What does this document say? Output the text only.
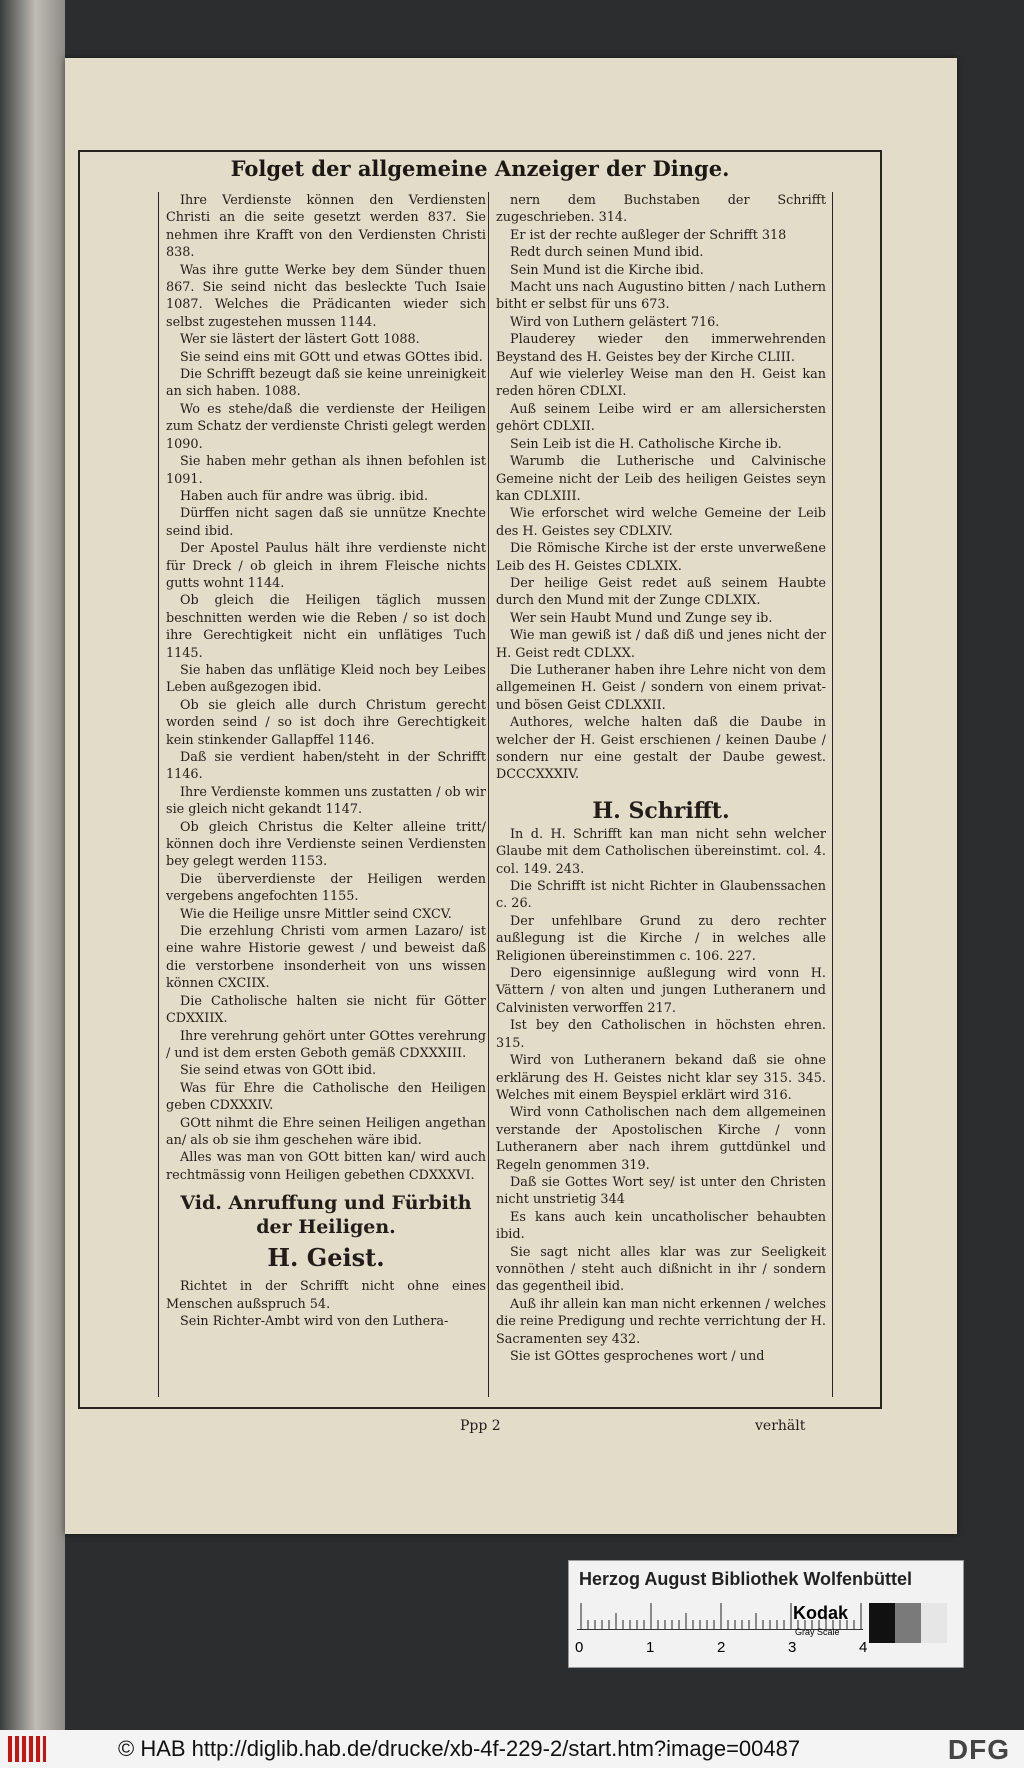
Folget der allgemeine Anzeiger der Dinge.

Ihre Verdienste können den Verdiensten Christi an die seite gesetzt werden 837. Sie nehmen ihre Krafft von den Verdiensten Christi 838.

Was ihre gutte Werke bey dem Sünder thuen 867. Sie seind nicht das besleckte Tuch Isaie 1087. Welches die Prädicanten wieder sich selbst zugestehen mussen 1144.

Wer sie lästert der lästert Gott 1088.

Sie seind eins mit GOtt und etwas GOttes ibid.

Die Schrifft bezeugt daß sie keine unreinigkeit an sich haben. 1088.

Wo es stehe/daß die verdienste der Heiligen zum Schatz der verdienste Christi gelegt werden 1090.

Sie haben mehr gethan als ihnen befohlen ist 1091.

Haben auch für andre was übrig. ibid.

Dürffen nicht sagen daß sie unnütze Knechte seind ibid.

Der Apostel Paulus hält ihre verdienste nicht für Dreck / ob gleich in ihrem Fleische nichts gutts wohnt 1144.

Ob gleich die Heiligen täglich mussen beschnitten werden wie die Reben / so ist doch ihre Gerechtigkeit nicht ein unflätiges Tuch 1145.

Sie haben das unflätige Kleid noch bey Leibes Leben außgezogen ibid.

Ob sie gleich alle durch Christum gerecht worden seind / so ist doch ihre Gerechtigkeit kein stinkender Gallapffel 1146.

Daß sie verdient haben/steht in der Schrifft 1146.

Ihre Verdienste kommen uns zustatten / ob wir sie gleich nicht gekandt 1147.

Ob gleich Christus die Kelter alleine tritt/ können doch ihre Verdienste seinen Verdiensten bey gelegt werden 1153.

Die überverdienste der Heiligen werden vergebens angefochten 1155.

Wie die Heilige unsre Mittler seind CXCV.

Die erzehlung Christi vom armen Lazaro/ ist eine wahre Historie gewest / und beweist daß die verstorbene insonderheit von uns wissen können CXCIIX.

Die Catholische halten sie nicht für Götter CDXXIIX.

Ihre verehrung gehört unter GOttes verehrung / und ist dem ersten Geboth gemäß CDXXXIII.

Sie seind etwas von GOtt ibid.

Was für Ehre die Catholische den Heiligen geben CDXXXIV.

GOtt nihmt die Ehre seinen Heiligen angethan an/ als ob sie ihm geschehen wäre ibid.

Alles was man von GOtt bitten kan/ wird auch rechtmässig vonn Heiligen gebethen CDXXXVI.

Vid. Anruffung und Fürbith
der Heiligen.
H. Geist.

Richtet in der Schrifft nicht ohne eines Menschen außspruch 54.

Sein Richter-Ambt wird von den Luthera-

nern dem Buchstaben der Schrifft zugeschrieben. 314.

Er ist der rechte außleger der Schrifft 318

Redt durch seinen Mund ibid.

Sein Mund ist die Kirche ibid.

Macht uns nach Augustino bitten / nach Luthern bitht er selbst für uns 673.

Wird von Luthern gelästert 716.

Plauderey wieder den immerwehrenden Beystand des H. Geistes bey der Kirche CLIII.

Auf wie vielerley Weise man den H. Geist kan reden hören CDLXI.

Auß seinem Leibe wird er am allersichersten gehört CDLXII.

Sein Leib ist die H. Catholische Kirche ib.

Warumb die Lutherische und Calvinische Gemeine nicht der Leib des heiligen Geistes seyn kan CDLXIII.

Wie erforschet wird welche Gemeine der Leib des H. Geistes sey CDLXIV.

Die Römische Kirche ist der erste unverweßene Leib des H. Geistes CDLXIX.

Der heilige Geist redet auß seinem Haubte durch den Mund mit der Zunge CDLXIX.

Wer sein Haubt Mund und Zunge sey ib.

Wie man gewiß ist / daß diß und jenes nicht der H. Geist redt CDLXX.

Die Lutheraner haben ihre Lehre nicht von dem allgemeinen H. Geist / sondern von einem privat- und bösen Geist CDLXXII.

Authores, welche halten daß die Daube in welcher der H. Geist erschienen / keinen Daube / sondern nur eine gestalt der Daube gewest. DCCCXXXIV.

H. Schrifft.

In d. H. Schrifft kan man nicht sehn welcher Glaube mit dem Catholischen übereinstimt. col. 4. col. 149. 243.

Die Schrifft ist nicht Richter in Glaubenssachen c. 26.

Der unfehlbare Grund zu dero rechter außlegung ist die Kirche / in welches alle Religionen übereinstimmen c. 106. 227.

Dero eigensinnige außlegung wird vonn H. Vättern / von alten und jungen Lutheranern und Calvinisten verworffen 217.

Ist bey den Catholischen in höchsten ehren. 315.

Wird von Lutheranern bekand daß sie ohne erklärung des H. Geistes nicht klar sey 315. 345. Welches mit einem Beyspiel erklärt wird 316.

Wird vonn Catholischen nach dem allgemeinen verstande der Apostolischen Kirche / vonn Lutheranern aber nach ihrem guttdünkel und Regeln genommen 319.

Daß sie Gottes Wort sey/ ist unter den Christen nicht unstrietig 344

Es kans auch kein uncatholischer behaubten ibid.

Sie sagt nicht alles klar was zur Seeligkeit vonnöthen / steht auch dißnicht in ihr / sondern das gegentheil ibid.

Auß ihr allein kan man nicht erkennen / welches die reine Predigung und rechte verrichtung der H. Sacramenten sey 432.

Sie ist GOttes gesprochenes wort / und

Ppp 2	verhält
Herzog August Bibliothek Wolfenbüttel
0	1	2	3	4
Kodak
Gray Scale
© HAB http://diglib.hab.de/drucke/xb-4f-229-2/start.htm?image=00487	DFG
